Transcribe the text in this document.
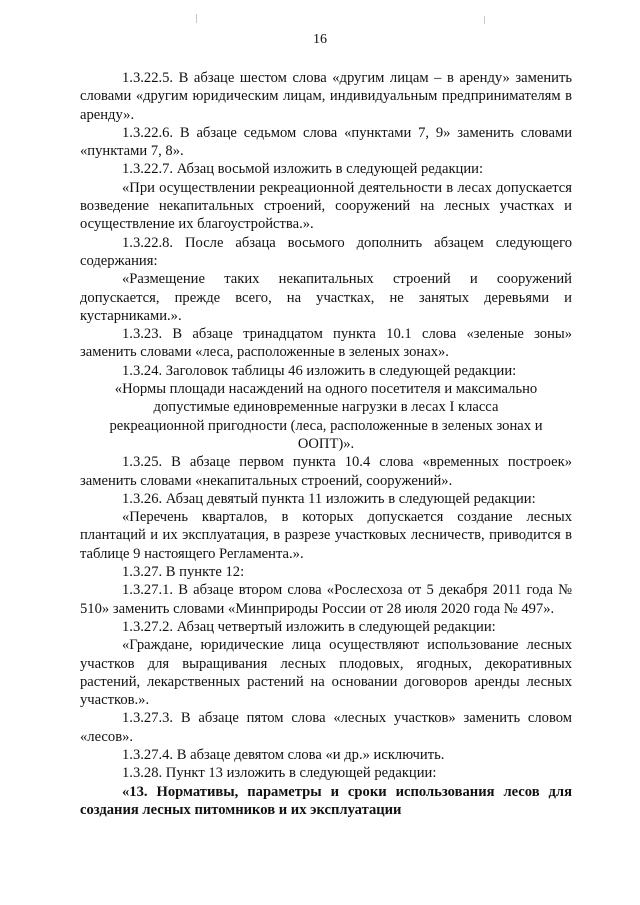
16

1.3.22.5. В абзаце шестом слова «другим лицам – в аренду» заменить словами «другим юридическим лицам, индивидуальным предпринимателям в аренду».

1.3.22.6. В абзаце седьмом слова «пунктами 7, 9» заменить словами «пунктами 7, 8».

1.3.22.7. Абзац восьмой изложить в следующей редакции:

«При осуществлении рекреационной деятельности в лесах допускается возведение некапитальных строений, сооружений на лесных участках и осуществление их благоустройства.».

1.3.22.8. После абзаца восьмого дополнить абзацем следующего содержания:

«Размещение таких некапитальных строений и сооружений допускается, прежде всего, на участках, не занятых деревьями и кустарниками.».

1.3.23. В абзаце тринадцатом пункта 10.1 слова «зеленые зоны» заменить словами «леса, расположенные в зеленых зонах».

1.3.24. Заголовок таблицы 46 изложить в следующей редакции:

«Нормы площади насаждений на одного посетителя и максимально

допустимые единовременные нагрузки в лесах I класса

рекреационной пригодности (леса, расположенные в зеленых зонах и

ООПТ)».

1.3.25. В абзаце первом пункта 10.4 слова «временных построек» заменить словами «некапитальных строений, сооружений».

1.3.26. Абзац девятый пункта 11 изложить в следующей редакции:

«Перечень кварталов, в которых допускается создание лесных плантаций и их эксплуатация, в разрезе участковых лесничеств, приводится в таблице 9 настоящего Регламента.».

1.3.27. В пункте 12:

1.3.27.1. В абзаце втором слова «Рослесхоза от 5 декабря 2011 года № 510» заменить словами «Минприроды России от 28 июля 2020 года № 497».

1.3.27.2. Абзац четвертый изложить в следующей редакции:

«Граждане, юридические лица осуществляют использование лесных участков для выращивания лесных плодовых, ягодных, декоративных растений, лекарственных растений на основании договоров аренды лесных участков.».

1.3.27.3. В абзаце пятом слова «лесных участков» заменить словом «лесов».

1.3.27.4. В абзаце девятом слова «и др.» исключить.

1.3.28. Пункт 13 изложить в следующей редакции:

«13. Нормативы, параметры и сроки использования лесов для создания лесных питомников и их эксплуатации
